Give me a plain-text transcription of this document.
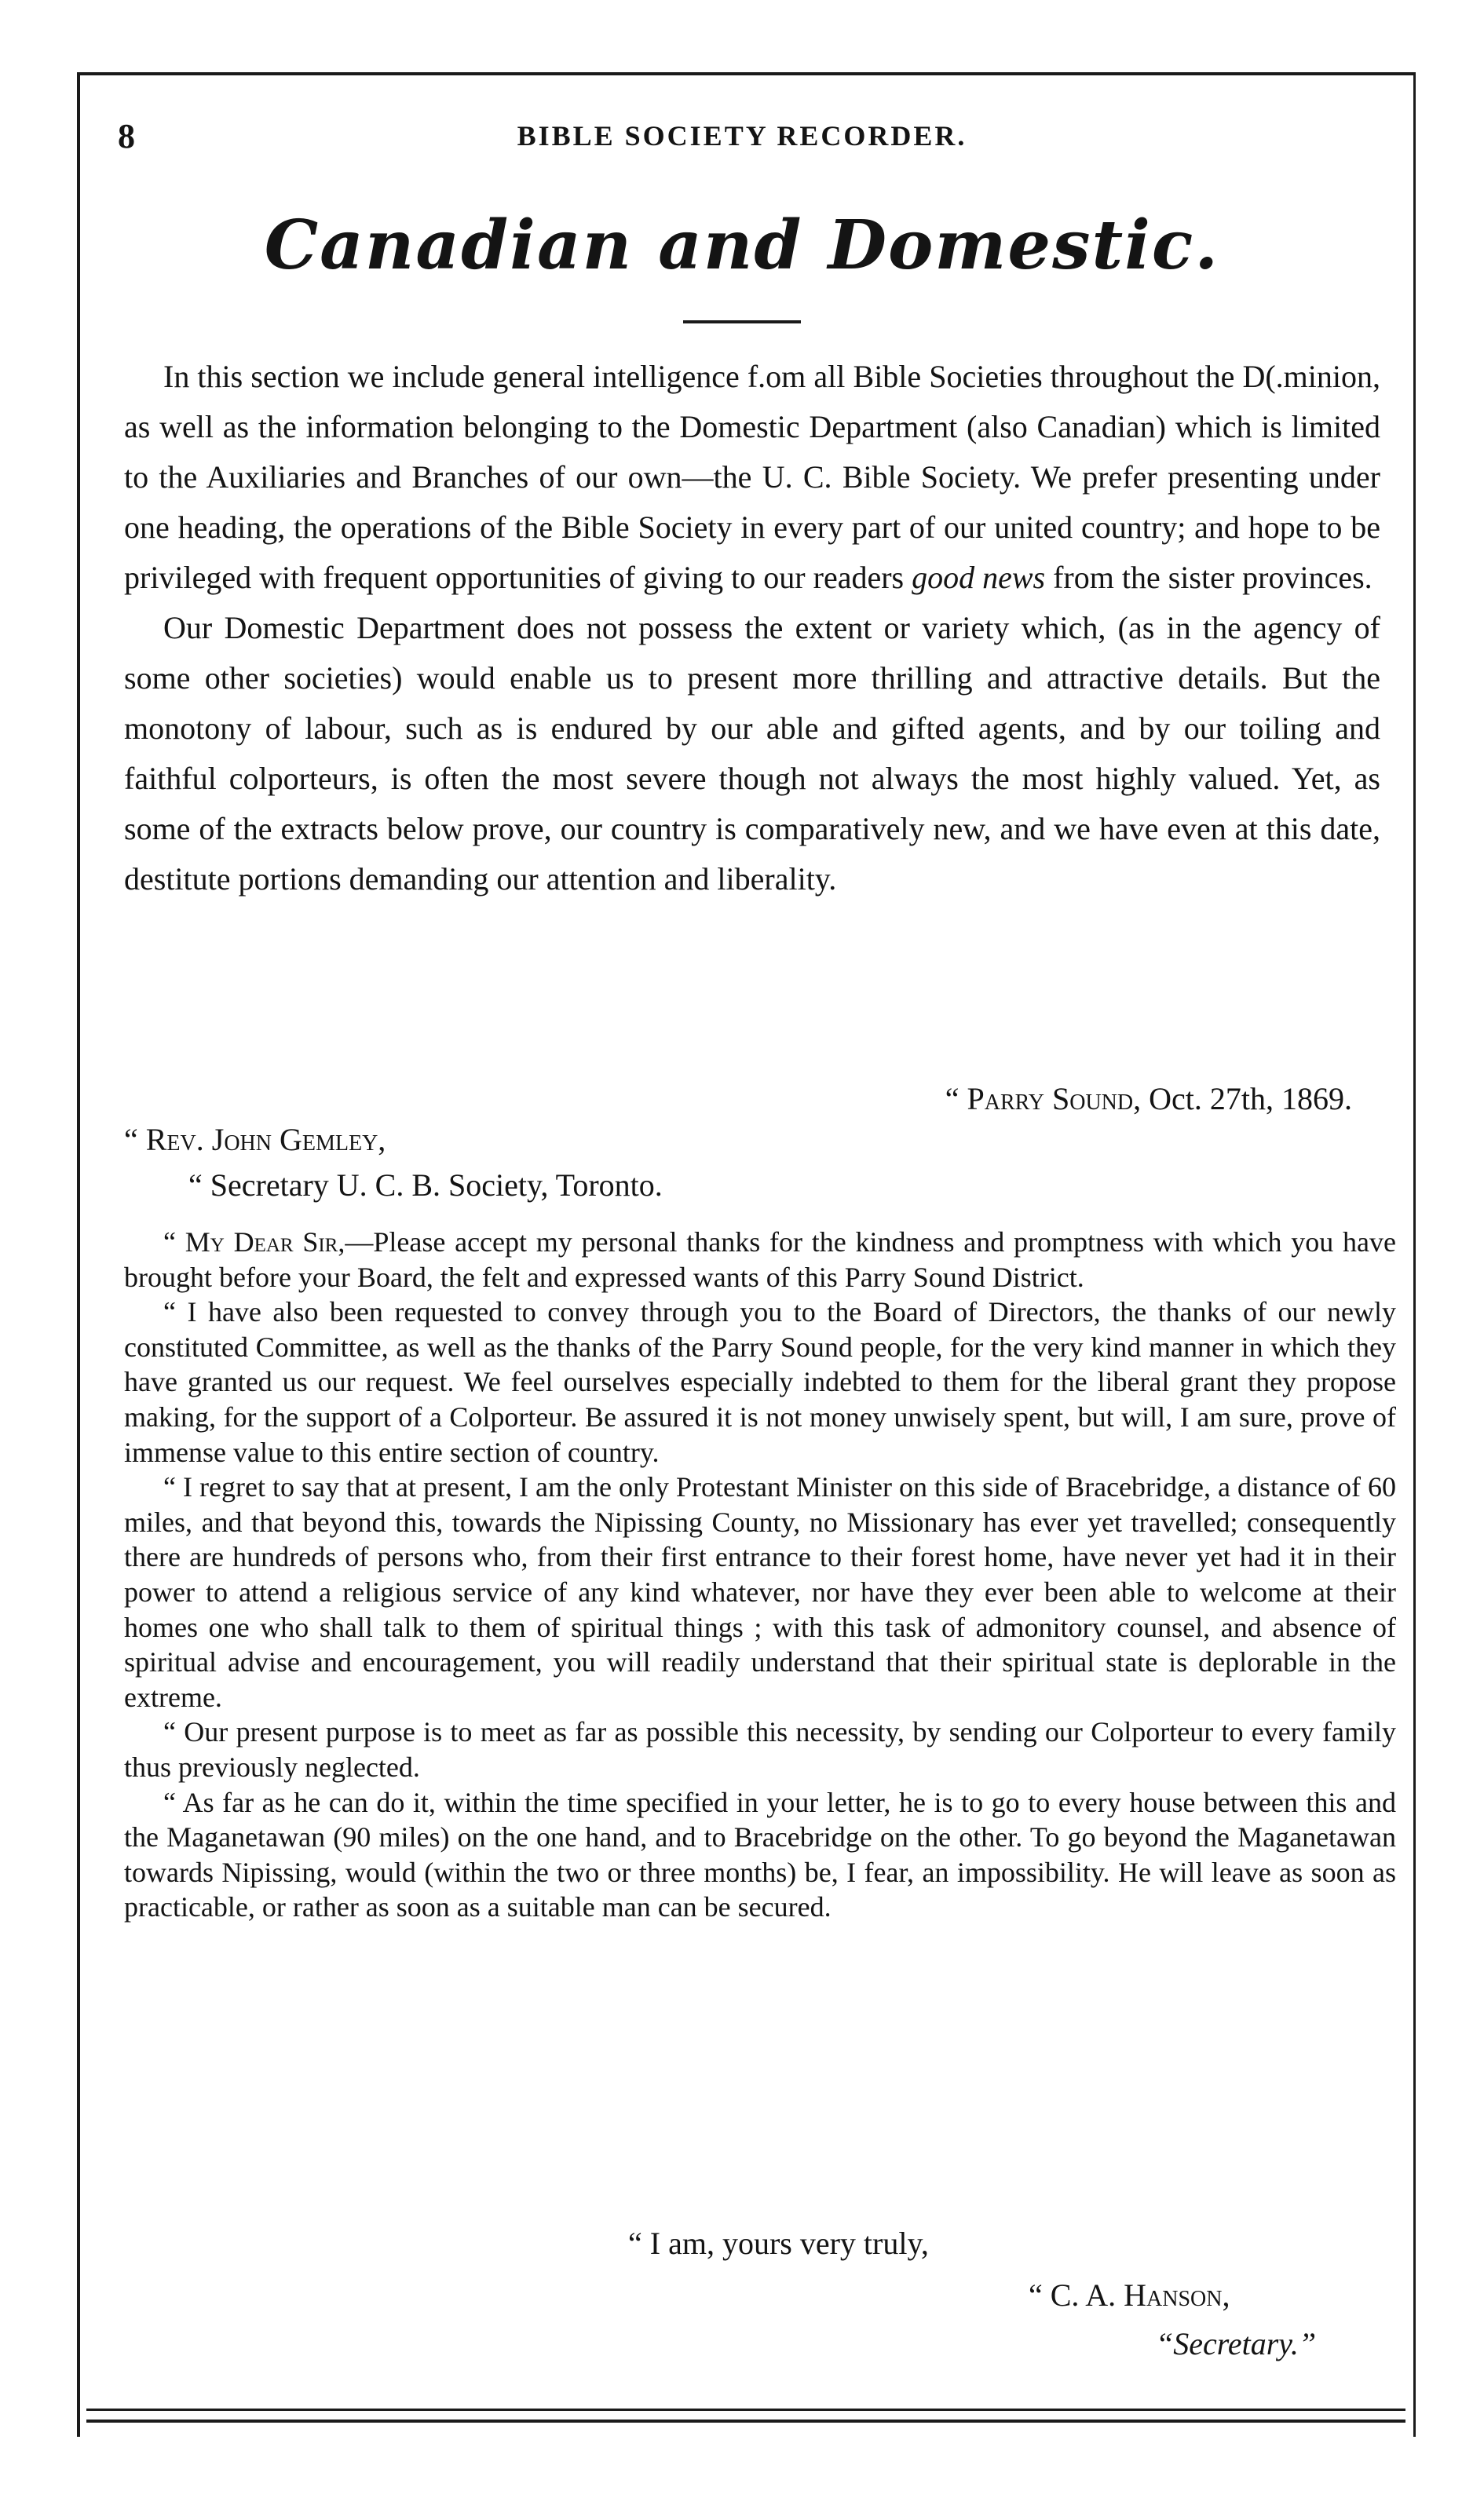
8	BIBLE SOCIETY RECORDER.
Canadian and Domestic.

In this section we include general intelligence f.om all Bible Societies throughout the D(.minion, as well as the information belonging to the Domestic Department (also Canadian) which is limited to the Auxiliaries and Branches of our own—the U. C. Bible Society. We prefer presenting under one heading, the operations of the Bible Society in every part of our united country; and hope to be privileged with frequent opportunities of giving to our readers good news from the sister provinces.

Our Domestic Department does not possess the extent or variety which, (as in the agency of some other societies) would enable us to present more thrilling and attractive details. But the monotony of labour, such as is endured by our able and gifted agents, and by our toiling and faithful colporteurs, is often the most severe though not always the most highly valued. Yet, as some of the extracts below prove, our country is comparatively new, and we have even at this date, destitute portions demanding our attention and liberality.

“ Parry Sound, Oct. 27th, 1869.
“ Rev. John Gemley,
“ Secretary U. C. B. Society, Toronto.

“ My Dear Sir,—Please accept my personal thanks for the kindness and promptness with which you have brought before your Board, the felt and expressed wants of this Parry Sound District.

“ I have also been requested to convey through you to the Board of Directors, the thanks of our newly constituted Committee, as well as the thanks of the Parry Sound people, for the very kind manner in which they have granted us our request. We feel ourselves especially indebted to them for the liberal grant they propose making, for the support of a Colporteur. Be assured it is not money unwisely spent, but will, I am sure, prove of immense value to this entire section of country.

“ I regret to say that at present, I am the only Protestant Minister on this side of Bracebridge, a distance of 60 miles, and that beyond this, towards the Nipissing County, no Missionary has ever yet travelled; consequently there are hundreds of persons who, from their first entrance to their forest home, have never yet had it in their power to attend a religious service of any kind whatever, nor have they ever been able to welcome at their homes one who shall talk to them of spiritual things ; with this task of admonitory counsel, and absence of spiritual advise and encouragement, you will readily understand that their spiritual state is deplorable in the extreme.

“ Our present purpose is to meet as far as possible this necessity, by sending our Colporteur to every family thus previously neglected.

“ As far as he can do it, within the time specified in your letter, he is to go to every house between this and the Maganetawan (90 miles) on the one hand, and to Bracebridge on the other. To go beyond the Maganetawan towards Nipissing, would (within the two or three months) be, I fear, an impossibility. He will leave as soon as practicable, or rather as soon as a suitable man can be secured.

“ I am, yours very truly,
“ C. A. Hanson,
“Secretary.”
